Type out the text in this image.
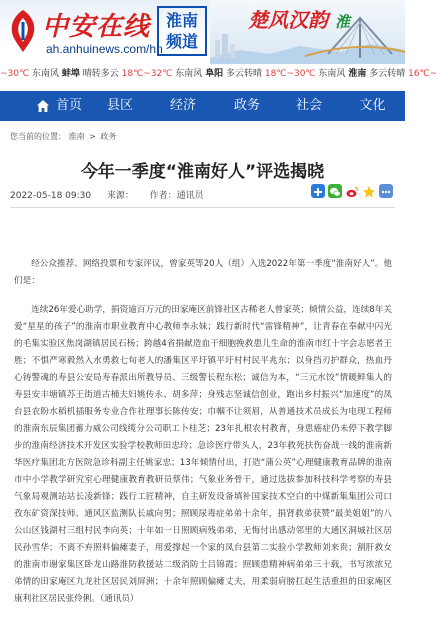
中安在线
ah.anhuinews.com/hn
淮南
频道
楚风汉韵 淮
~30℃ 东南风 蚌埠 晴转多云 18℃~32℃ 东南风 阜阳 多云转晴 18℃~30℃ 东南风 淮南 多云转晴 16℃~
首页	县区	经济	政务	社会	文化
您当前的位置： 淮南 > 政务
今年一季度“淮南好人”评选揭晓
2022-05-18 09:30 来源： 作者：通讯员

经公众推荐、网络投票和专家评议，曾家英等20人（组）入选2022年第一季度“淮南好人”。他们是：

连续26年爱心助学，捐资逾百万元的田家庵区前锋社区古稀老人曾家英；倾情公益，连续8年关爱“星星的孩子”的淮南市职业教育中心教师李永妹；践行新时代“雷锋精神”，让青春在奉献中闪光的毛集实验区焦岗湖镇居民石杨；跨越4省捐献造血干细胞挽救患儿生命的淮南市红十字会志愿者王胜；不惧严寒毅然入水勇救七旬老人的潘集区平圩镇平圩村村民平兆东；以身挡刃护群众，热血丹心铸警魂的寿县公安局寿春派出所教导员、三级警长程东松；诚信为本，“三元水饺”情暖鲜集人的寿县安丰塘镇苏王街道古桶夫妇姚传永、胡多萍；身残志坚诚信创业，跑出乡村振兴“加速度”的凤台县农盼水稻机插服务专业合作社理事长陈传安；巾帼不让须眉，从普通技术员成长为电现工程师的淮南东辰集团蓄力威公司线缆分公司职工卜桂芝；23年扎根农村教育，身患癌症仍未停下教学脚步的淮南经济技术开发区实验学校教师田忠玲；急诊医疗带头人，23年救死扶伤奋战一线的淮南新华医疗集团北方医院急诊科副主任姚家忠；13年倾情付出，打造“蒲公英”心理健康教育品牌的淮南市中小学教学研究室心理健康教育教研员蔡伟；气象业务骨干，通过选拔参加科技科学考察的寿县气象局观测站站长凌新锋；践行工匠精神，自主研发设备填补国家技术空白的中煤新集集团公司口孜东矿资深技师、通风区监测队长戚向男；照顾尿毒症弟弟十余年，捐肾救弟获赞“最美姐姐”的八公山区钱湖村三组村民李向英；十年如一日照顾病残弟弟，无悔付出感动邻里的大通区洞城社区居民孙雪华；不离不弃照料偏瘫妻子，用爱撑起一个家的凤台县第二实验小学教师刘来贵；割肝救女的淮南市谢家集区卧龙山路淮防救援站二级消防士吕锦霞；照顾患精神病弟弟三十载，书写浓浓兄弟情的田家庵区九龙社区居民刘屏洲；十余年照顾偏瘫丈夫，用柔弱肩膀扛起生活重担的田家庵区康利社区居民张伶俐。（通讯员）
